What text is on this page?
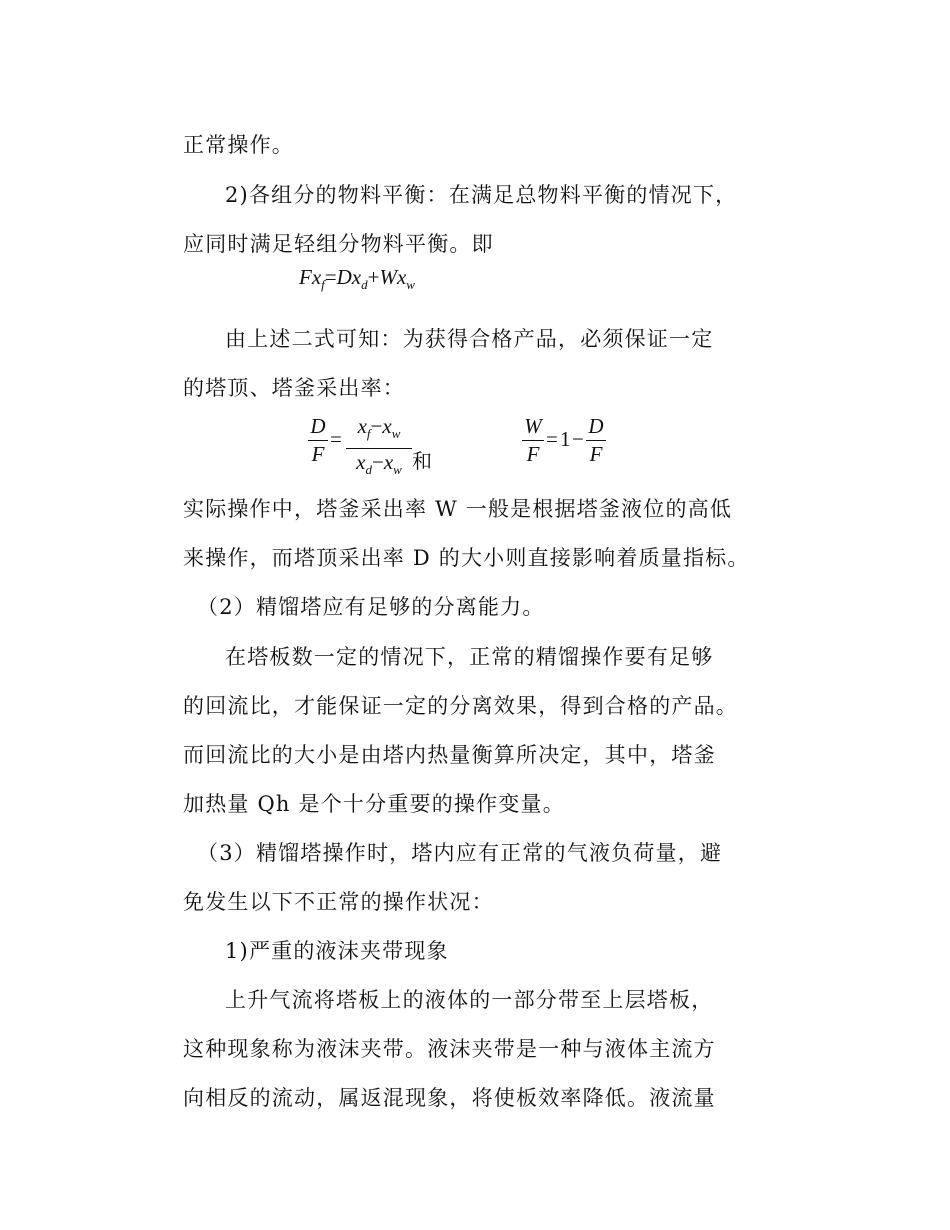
正常操作。
2)各组分的物料平衡：在满足总物料平衡的情况下，
应同时满足轻组分物料平衡。即
$Fx_f=Dx_d+Wx_w$
由上述二式可知：为获得合格产品，必须保证一定
的塔顶、塔釜采出率：
D
F
=
$x_f-x_w$
$x_d-x_w$ 和
W
F
= 1 −
D
F
实际操作中，塔釜采出率 W 一般是根据塔釜液位的高低
来操作，而塔顶采出率 D 的大小则直接影响着质量指标。
（2）精馏塔应有足够的分离能力。
在塔板数一定的情况下，正常的精馏操作要有足够
的回流比，才能保证一定的分离效果，得到合格的产品。
而回流比的大小是由塔内热量衡算所决定，其中，塔釜
加热量 Qh 是个十分重要的操作变量。
（3）精馏塔操作时，塔内应有正常的气液负荷量，避
免发生以下不正常的操作状况：
1)严重的液沫夹带现象
上升气流将塔板上的液体的一部分带至上层塔板，
这种现象称为液沫夹带。液沫夹带是一种与液体主流方
向相反的流动，属返混现象，将使板效率降低。液流量
